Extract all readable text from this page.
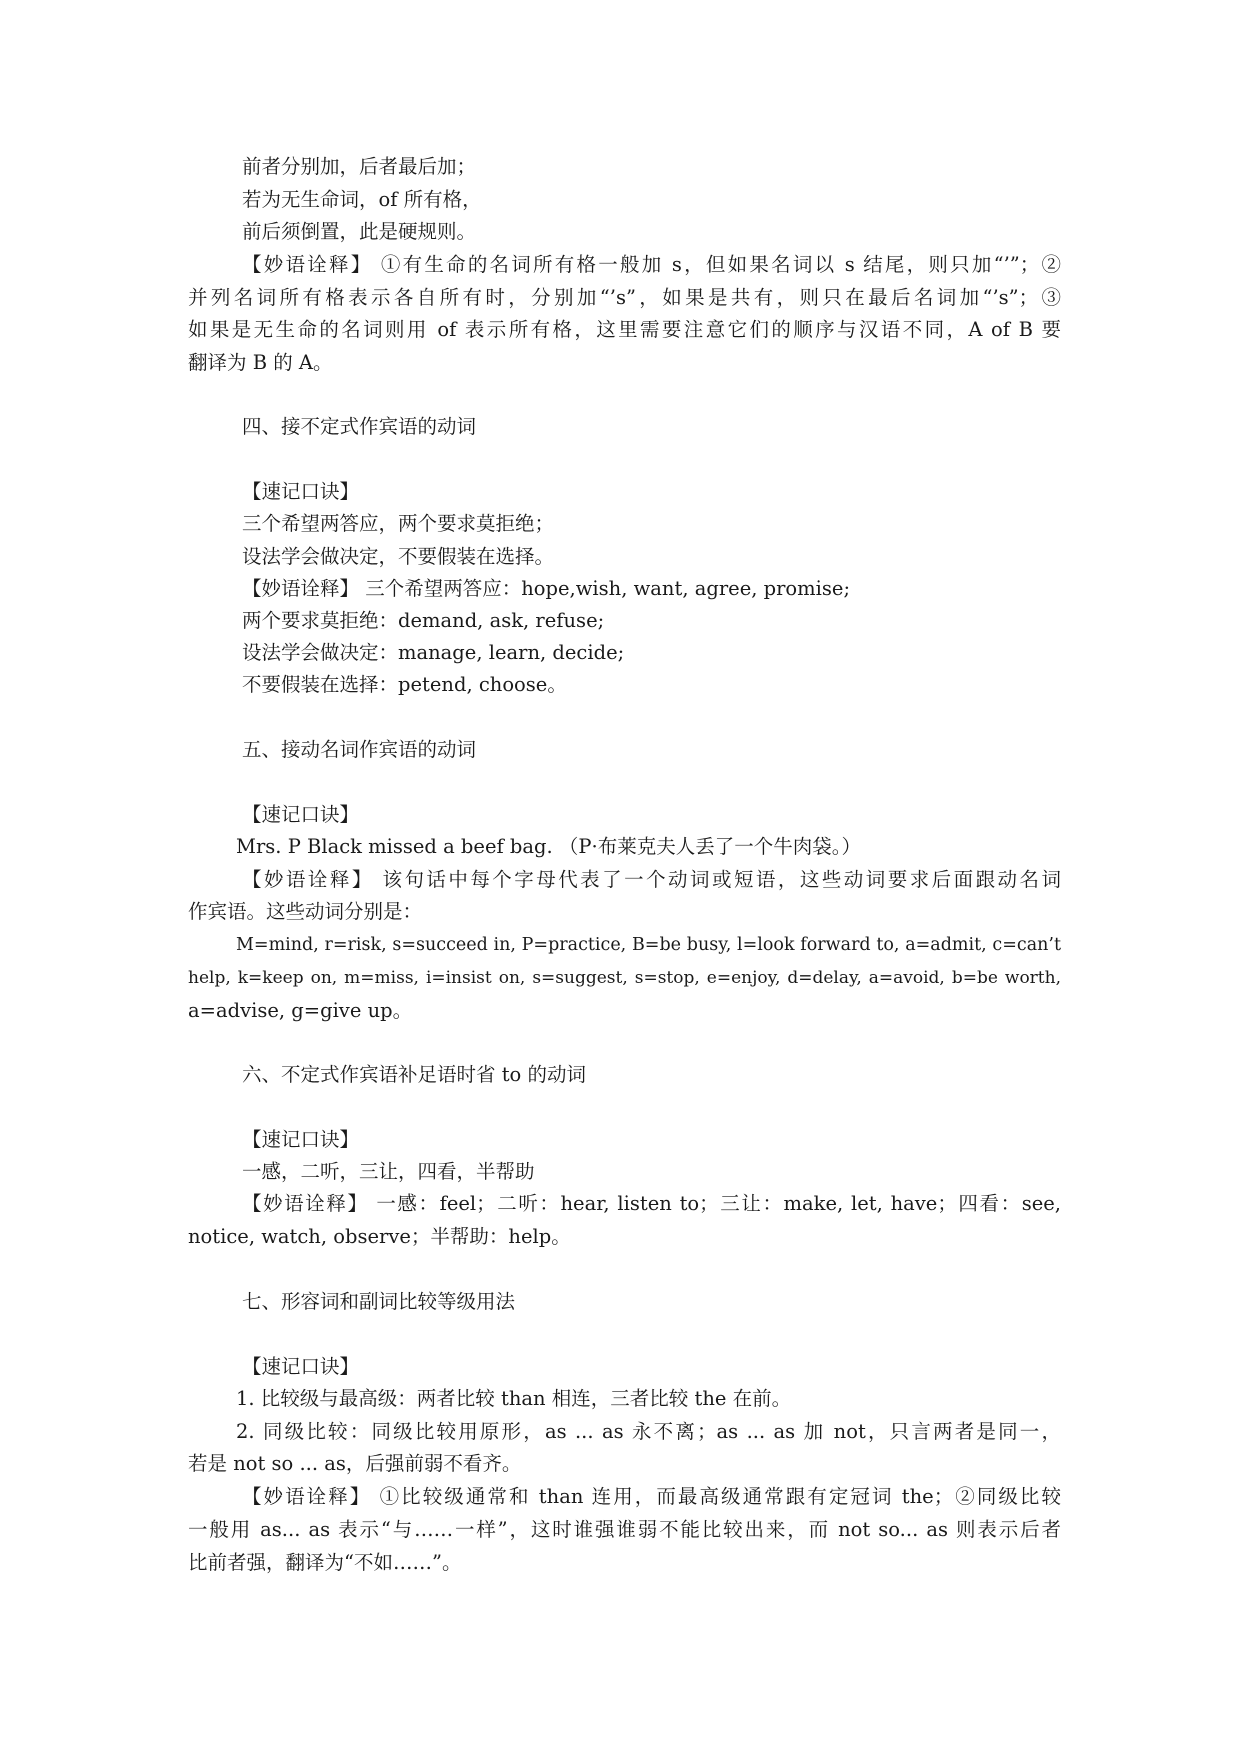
前者分别加，后者最后加；
若为无生命词，of 所有格，
前后须倒置，此是硬规则。
【妙语诠释】 ①有生命的名词所有格一般加 s，但如果名词以 s 结尾，则只加“’”；②
并列名词所有格表示各自所有时，分别加“’s”，如果是共有，则只在最后名词加“’s”；③
如果是无生命的名词则用 of 表示所有格，这里需要注意它们的顺序与汉语不同，A of B 要
翻译为 B 的 A。
四、接不定式作宾语的动词
【速记口诀】
三个希望两答应，两个要求莫拒绝；
设法学会做决定，不要假装在选择。
【妙语诠释】 三个希望两答应：hope,wish, want, agree, promise;
两个要求莫拒绝：demand, ask, refuse;
设法学会做决定：manage, learn, decide;
不要假装在选择：petend, choose。
五、接动名词作宾语的动词
【速记口诀】
Mrs. P Black missed a beef bag. （P·布莱克夫人丢了一个牛肉袋。）
【妙语诠释】 该句话中每个字母代表了一个动词或短语，这些动词要求后面跟动名词
作宾语。这些动词分别是：
M=mind, r=risk, s=succeed in, P=practice, B=be busy, l=look forward to, a=admit, c=can’t
help, k=keep on, m=miss, i=insist on, s=suggest, s=stop, e=enjoy, d=delay, a=avoid, b=be worth,
a=advise, g=give up。
六、不定式作宾语补足语时省 to 的动词
【速记口诀】
一感，二听，三让，四看，半帮助
【妙语诠释】 一感：feel；二听：hear, listen to；三让：make, let, have；四看：see,
notice, watch, observe；半帮助：help。
七、形容词和副词比较等级用法
【速记口诀】
1. 比较级与最高级：两者比较 than 相连，三者比较 the 在前。
2. 同级比较：同级比较用原形，as ... as 永不离；as ... as 加 not，只言两者是同一，
若是 not so ... as，后强前弱不看齐。
【妙语诠释】 ①比较级通常和 than 连用，而最高级通常跟有定冠词 the；②同级比较
一般用 as... as 表示“与……一样”，这时谁强谁弱不能比较出来，而 not so... as 则表示后者
比前者强，翻译为“不如……”。
